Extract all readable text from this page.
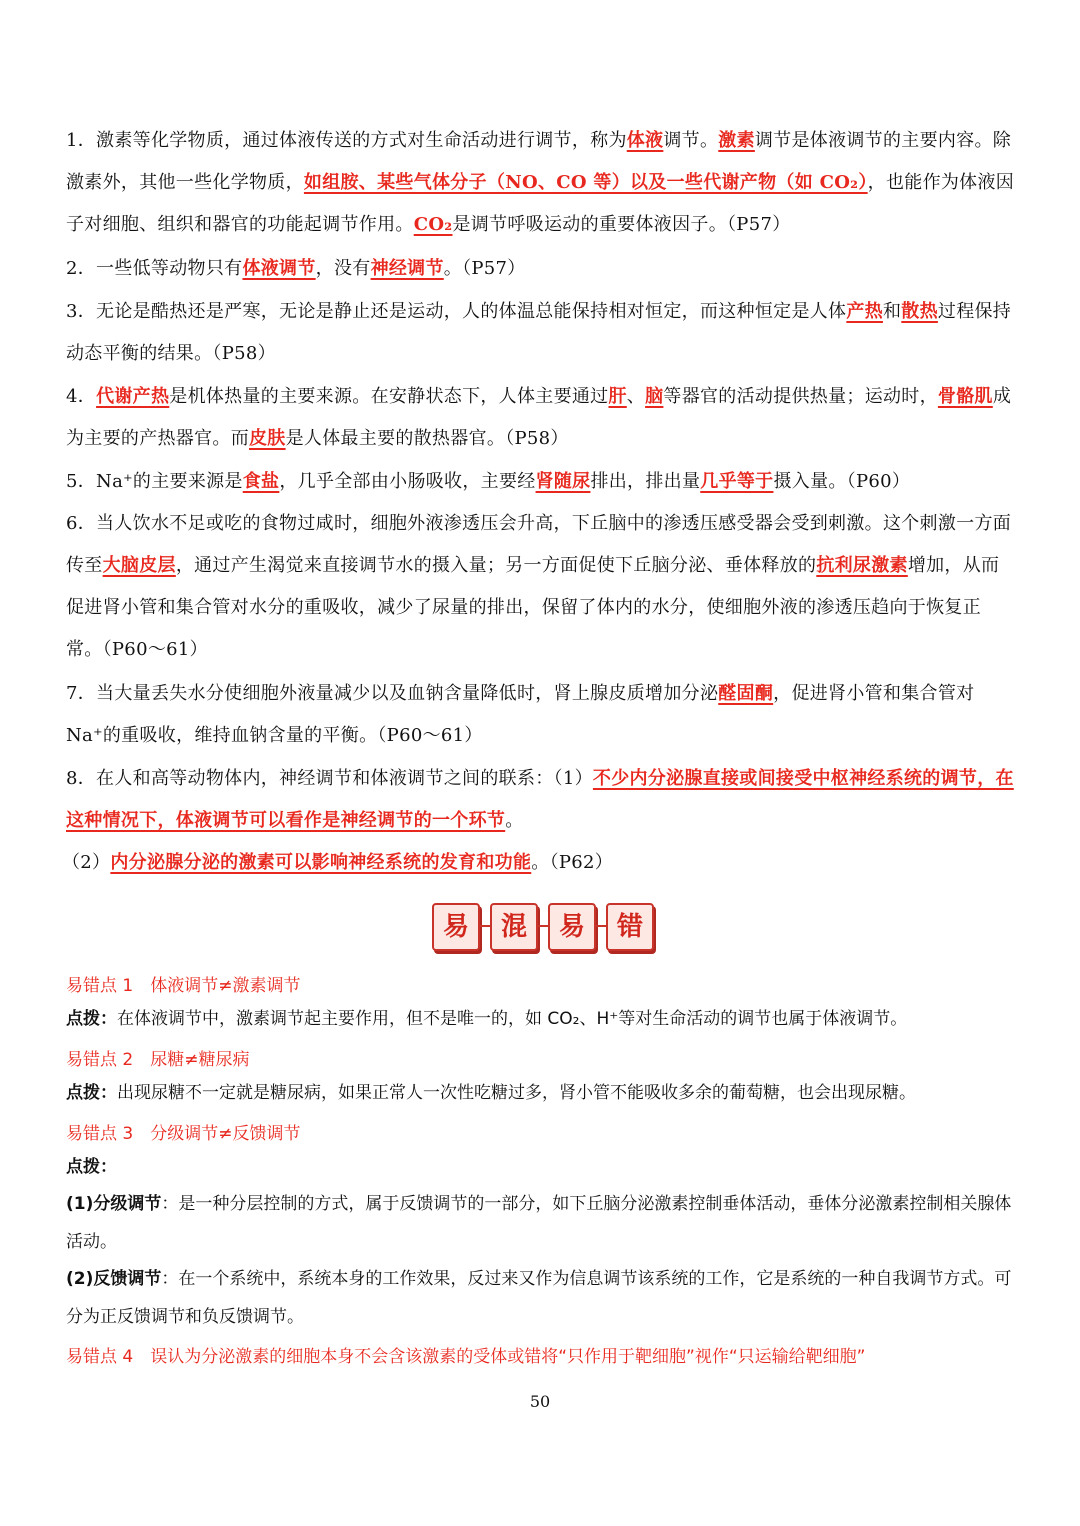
1．激素等化学物质，通过体液传送的方式对生命活动进行调节，称为体液调节。激素调节是体液调节的主要内容。除激素外，其他一些化学物质，如组胺、某些气体分子（NO、CO 等）以及一些代谢产物（如 CO₂），也能作为体液因子对细胞、组织和器官的功能起调节作用。CO₂是调节呼吸运动的重要体液因子。（P57）
2．一些低等动物只有体液调节，没有神经调节。（P57）
3．无论是酷热还是严寒，无论是静止还是运动，人的体温总能保持相对恒定，而这种恒定是人体产热和散热过程保持动态平衡的结果。（P58）
4．代谢产热是机体热量的主要来源。在安静状态下，人体主要通过肝、脑等器官的活动提供热量；运动时，骨骼肌成为主要的产热器官。而皮肤是人体最主要的散热器官。（P58）
5．Na⁺的主要来源是食盐，几乎全部由小肠吸收，主要经肾随尿排出，排出量几乎等于摄入量。（P60）
6．当人饮水不足或吃的食物过咸时，细胞外液渗透压会升高，下丘脑中的渗透压感受器会受到刺激。这个刺激一方面传至大脑皮层，通过产生渴觉来直接调节水的摄入量；另一方面促使下丘脑分泌、垂体释放的抗利尿激素增加，从而促进肾小管和集合管对水分的重吸收，减少了尿量的排出，保留了体内的水分，使细胞外液的渗透压趋向于恢复正常。（P60～61）
7．当大量丢失水分使细胞外液量减少以及血钠含量降低时，肾上腺皮质增加分泌醛固酮，促进肾小管和集合管对 Na⁺的重吸收，维持血钠含量的平衡。（P60～61）
8．在人和高等动物体内，神经调节和体液调节之间的联系：（1）不少内分泌腺直接或间接受中枢神经系统的调节，在这种情况下，体液调节可以看作是神经调节的一个环节。
（2）内分泌腺分泌的激素可以影响神经系统的发育和功能。（P62）
易	混	易	错
易错点 1　体液调节≠激素调节
点拨：在体液调节中，激素调节起主要作用，但不是唯一的，如 CO₂、H⁺等对生命活动的调节也属于体液调节。
易错点 2　尿糖≠糖尿病
点拨：出现尿糖不一定就是糖尿病，如果正常人一次性吃糖过多，肾小管不能吸收多余的葡萄糖，也会出现尿糖。
易错点 3　分级调节≠反馈调节
点拨：
(1)分级调节：是一种分层控制的方式，属于反馈调节的一部分，如下丘脑分泌激素控制垂体活动，垂体分泌激素控制相关腺体活动。
(2)反馈调节：在一个系统中，系统本身的工作效果，反过来又作为信息调节该系统的工作，它是系统的一种自我调节方式。可分为正反馈调节和负反馈调节。
易错点 4　误认为分泌激素的细胞本身不会含该激素的受体或错将“只作用于靶细胞”视作“只运输给靶细胞”
50
